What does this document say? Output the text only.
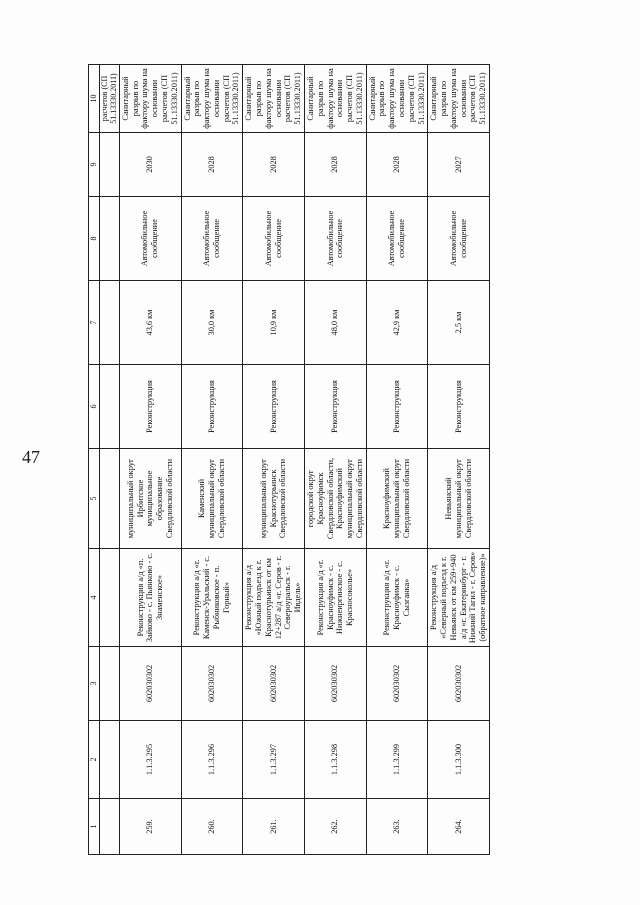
47
1	2	3	4	5	6	7	8	9	10
									расчетов (СП 51.13330.2011)
259.	1.1.3.295	602030302	Реконструкция а/д «п. Зайково - с. Пьянково - с. Знаменское»	муниципальный округ Ирбитское муниципальное образование Свердловской области	Реконструкция	43,6 км	Автомобильное сообщение	2030	Санитарный разрыв по фактору шума на основании расчетов (СП 51.13330.2011)
260.	1.1.3.296	602030302	Реконструкция а/д «г. Каменск-Уральский - с. Рыбниковское - п. Горный»	Каменский муниципальный округ Свердловской области	Реконструкция	30,0 км	Автомобильное сообщение	2028	Санитарный разрыв по фактору шума на основании расчетов (СП 51.13330.2011)
261.	1.1.3.297	602030302	Реконструкция а/д «Южный подъезд к г. Краснотурьинск от км 12+287 а/д «г. Серов - г. Североуральск - г. Ивдель»	муниципальный округ Краснотурьинск Свердловской области	Реконструкция	10,9 км	Автомобильное сообщение	2028	Санитарный разрыв по фактору шума на основании расчетов (СП 51.13330.2011)
262.	1.1.3.298	602030302	Реконструкция а/д «г. Красноуфимск - с. Нижнеиргинское - с. Красносоколье»	городской округ Красноуфимск Свердловской области, Красноуфимский муниципальный округ Свердловской области	Реконструкция	48,0 км	Автомобильное сообщение	2028	Санитарный разрыв по фактору шума на основании расчетов (СП 51.13330.2011)
263.	1.1.3.299	602030302	Реконструкция а/д «г. Красноуфимск - с. Сызганка»	Красноуфимский муниципальный округ Свердловской области	Реконструкция	42,9 км	Автомобильное сообщение	2028	Санитарный разрыв по фактору шума на основании расчетов (СП 51.13330.2011)
264.	1.1.3.300	602030302	Реконструкция а/д «Северный подъезд к г. Невьянск от км 259+940 а/д «г. Екатеринбург - г. Нижний Тагил - г. Серов» (обратное направление)»	Невьянский муниципальный округ Свердловской области	Реконструкция	2,5 км	Автомобильное сообщение	2027	Санитарный разрыв по фактору шума на основании расчетов (СП 51.13330.2011)
